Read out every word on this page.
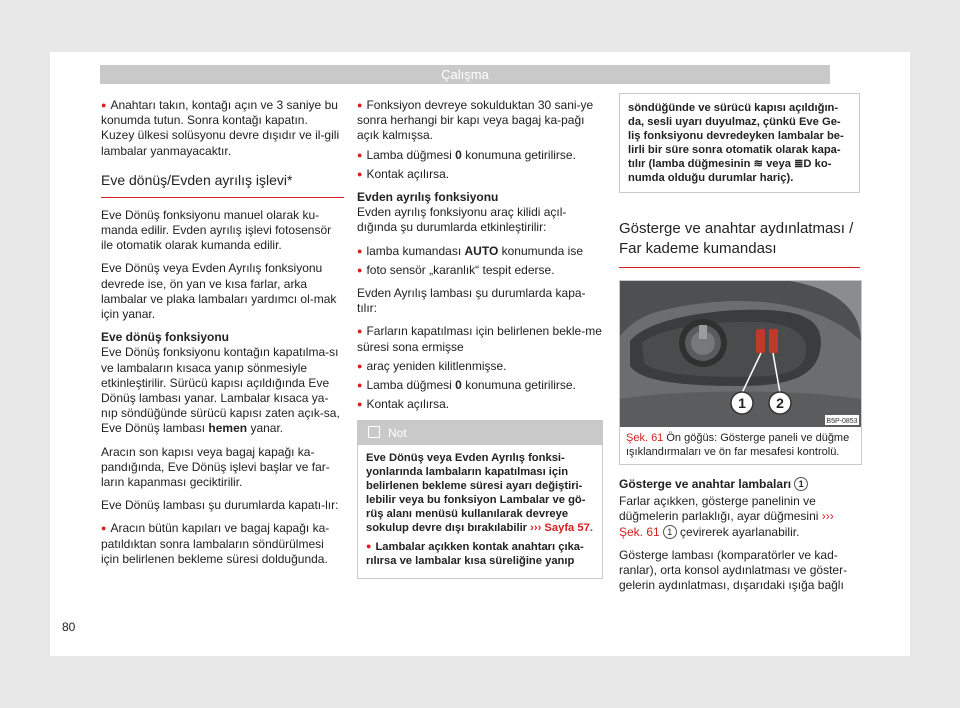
Çalışma

● Anahtarı takın, kontağı açın ve 3 saniye bu konumda tutun. Sonra kontağı kapatın. Kuzey ülkesi solüsyonu devre dışıdır ve il-gili lambalar yanmayacaktır.

Eve dönüş/Evden ayrılış işlevi*

Eve Dönüş fonksiyonu manuel olarak ku-manda edilir. Evden ayrılış işlevi fotosensör ile otomatik olarak kumanda edilir.

Eve Dönüş veya Evden Ayrılış fonksiyonu devrede ise, ön yan ve kısa farlar, arka lambalar ve plaka lambaları yardımcı ol-mak için yanar.

Eve dönüş fonksiyonu

Eve Dönüş fonksiyonu kontağın kapatılma-sı ve lambaların kısaca yanıp sönmesiyle etkinleştirilir. Sürücü kapısı açıldığında Eve Dönüş lambası yanar. Lambalar kısaca ya-nıp söndüğünde sürücü kapısı zaten açık-sa, Eve Dönüş lambası hemen yanar.

Aracın son kapısı veya bagaj kapağı ka-pandığında, Eve Dönüş işlevi başlar ve far-ların kapanması geciktirilir.

Eve Dönüş lambası şu durumlarda kapatı-lır:

● Aracın bütün kapıları ve bagaj kapağı ka-patıldıktan sonra lambaların söndürülmesi için belirlenen bekleme süresi dolduğunda.

● Fonksiyon devreye sokulduktan 30 sani-ye sonra herhangi bir kapı veya bagaj ka-pağı açık kalmışsa.

● Lamba düğmesi 0 konumuna getirilirse.

● Kontak açılırsa.

Evden ayrılış fonksiyonu

Evden ayrılış fonksiyonu araç kilidi açıl-dığında şu durumlarda etkinleştirilir:

● lamba kumandası AUTO konumunda ise

● foto sensör „karanlık“ tespit ederse.

Evden Ayrılış lambası şu durumlarda kapa-tılır:

● Farların kapatılması için belirlenen bekle-me süresi sona ermişse

● araç yeniden kilitlenmişse.

● Lamba düğmesi 0 konumuna getirilirse.

● Kontak açılırsa.

Not

Eve Dönüş veya Evden Ayrılış fonksi-yonlarında lambaların kapatılması için belirlenen bekleme süresi ayarı değiştiri-lebilir veya bu fonksiyon Lambalar ve gö-rüş alanı menüsü kullanılarak devreye sokulup devre dışı bırakılabilir ››› Sayfa 57.

● Lambalar açıkken kontak anahtarı çıka-rılırsa ve lambalar kısa süreliğine yanıp

söndüğünde ve sürücü kapısı açıldığın-da, sesli uyarı duyulmaz, çünkü Eve Ge-liş fonksiyonu devredeyken lambalar be-lirli bir süre sonra otomatik olarak kapa-tılır (lamba düğmesinin ≋ veya ≣D ko-numda olduğu durumlar hariç).
Gösterge ve anahtar aydınlatması / Far kademe kumandası
1 2
B5P-0853
Şek. 61 Ön göğüs: Gösterge paneli ve düğme ışıklandırmaları ve ön far mesafesi kontrolü.

Gösterge ve anahtar lambaları 1

Farlar açıkken, gösterge panelinin ve düğmelerin parlaklığı, ayar düğmesini ››› Şek. 61 1 çevirerek ayarlanabilir.

Gösterge lambası (komparatörler ve kad-ranlar), orta konsol aydınlatması ve göster-gelerin aydınlatması, dışarıdaki ışığa bağlı

80
